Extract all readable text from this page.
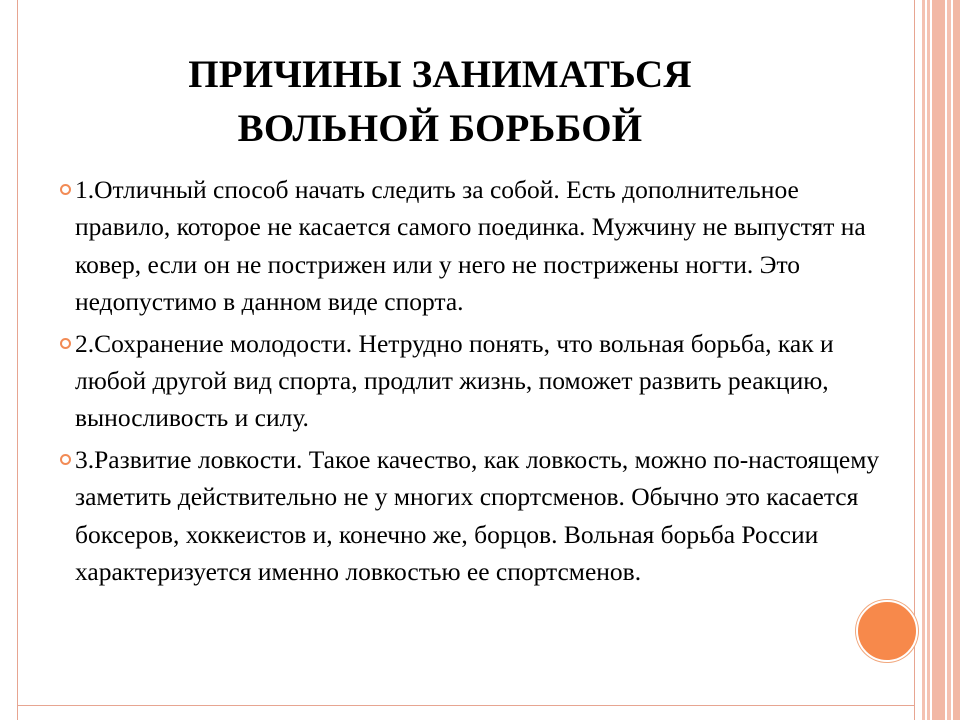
ПРИЧИНЫ ЗАНИМАТЬСЯ
ВОЛЬНОЙ БОРЬБОЙ
1.Отличный способ начать следить за собой. Есть дополнительное правило, которое не касается самого поединка. Мужчину не выпустят на ковер, если он не пострижен или у него не пострижены ногти. Это недопустимо в данном виде спорта.
2.Сохранение молодости. Нетрудно понять, что вольная борьба, как и любой другой вид спорта, продлит жизнь, поможет развить реакцию, выносливость и силу.
3.Развитие ловкости. Такое качество, как ловкость, можно по-настоящему заметить действительно не у многих спортсменов. Обычно это касается боксеров, хоккеистов и, конечно же, борцов. Вольная борьба России характеризуется именно ловкостью ее спортсменов.
